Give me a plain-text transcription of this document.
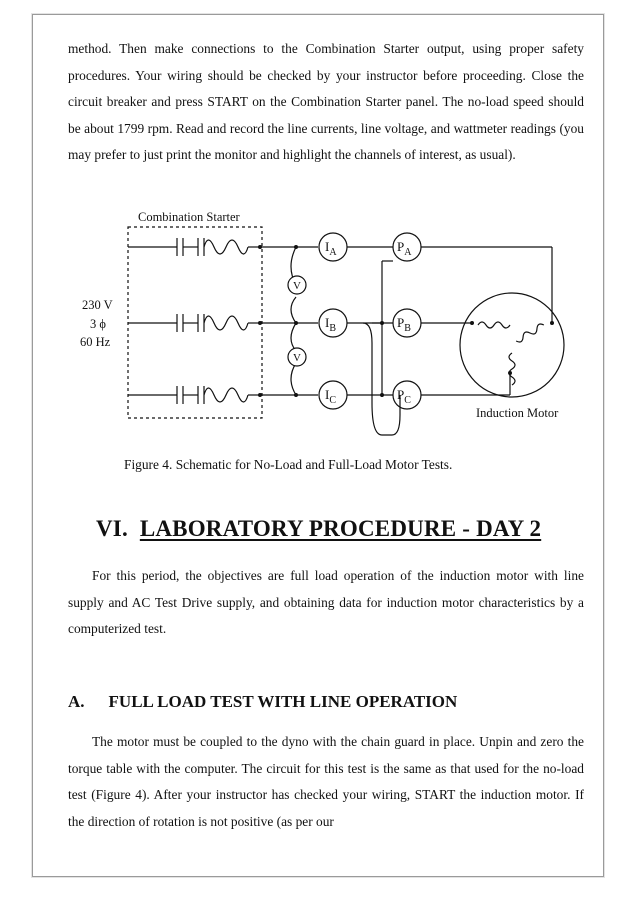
method. Then make connections to the Combination Starter output, using proper safety procedures. Your wiring should be checked by your instructor before proceeding. Close the circuit breaker and press START on the Combination Starter panel. The no-load speed should be about 1799 rpm. Read and record the line currents, line voltage, and wattmeter readings (you may prefer to just print the monitor and highlight the channels of interest, as usual).

Combination Starter
230 V
3 ϕ
60 Hz
V
V
$I_A$
$I_B$
$I_C$
$P_A$
$P_B$
$P_C$
Induction Motor

Figure 4. Schematic for No-Load and Full-Load Motor Tests.

VI. LABORATORY PROCEDURE - DAY 2

For this period, the objectives are full load operation of the induction motor with line supply and AC Test Drive supply, and obtaining data for induction motor characteristics by a computerized test.

A. FULL LOAD TEST WITH LINE OPERATION

The motor must be coupled to the dyno with the chain guard in place. Unpin and zero the torque table with the computer. The circuit for this test is the same as that used for the no-load test (Figure 4). After your instructor has checked your wiring, START the induction motor. If the direction of rotation is not positive (as per our
